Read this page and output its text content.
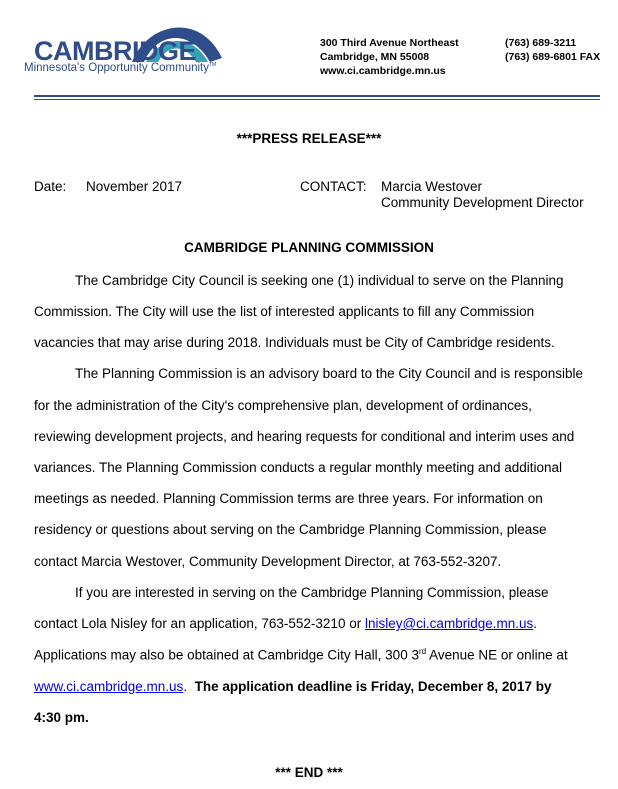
CAMBRIDGE
Minnesota's Opportunity Community™
300 Third Avenue Northeast
Cambridge, MN 55008
www.ci.cambridge.mn.us
(763) 689-3211
(763) 689-6801 FAX
***PRESS RELEASE***
Date: November 2017	CONTACT: Marcia Westover
Community Development Director
CAMBRIDGE PLANNING COMMISSION
The Cambridge City Council is seeking one (1) individual to serve on the Planning
Commission. The City will use the list of interested applicants to fill any Commission
vacancies that may arise during 2018. Individuals must be City of Cambridge residents.
The Planning Commission is an advisory board to the City Council and is responsible
for the administration of the City's comprehensive plan, development of ordinances,
reviewing development projects, and hearing requests for conditional and interim uses and
variances. The Planning Commission conducts a regular monthly meeting and additional
meetings as needed. Planning Commission terms are three years. For information on
residency or questions about serving on the Cambridge Planning Commission, please
contact Marcia Westover, Community Development Director, at 763-552-3207.
If you are interested in serving on the Cambridge Planning Commission, please
contact Lola Nisley for an application, 763-552-3210 or lnisley@ci.cambridge.mn.us.
Applications may also be obtained at Cambridge City Hall, 300 3rd Avenue NE or online at
www.ci.cambridge.mn.us.  The application deadline is Friday, December 8, 2017 by
4:30 pm.
*** END ***
